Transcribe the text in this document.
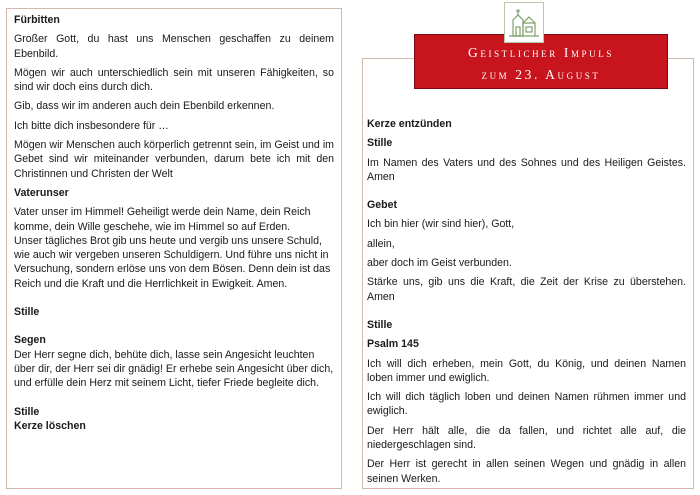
Fürbitten

Großer Gott, du hast uns Menschen geschaffen zu deinem Ebenbild.

Mögen wir auch unterschiedlich sein mit unseren Fähigkeiten, so sind wir doch eins durch dich.

Gib, dass wir im anderen auch dein Ebenbild erkennen.

Ich bitte dich insbesondere für …

Mögen wir Menschen auch körperlich getrennt sein, im Geist und im Gebet sind wir miteinander verbunden, darum bete ich mit den Christinnen und Christen der Welt

Vaterunser

Vater unser im Himmel! Geheiligt werde dein Name, dein Reich komme, dein Wille geschehe, wie im Himmel so auf Erden.

Unser tägliches Brot gib uns heute und vergib uns unsere Schuld, wie auch wir vergeben unseren Schuldigern. Und führe uns nicht in Versuchung, sondern erlöse uns von dem Bösen. Denn dein ist das Reich und die Kraft und die Herrlichkeit in Ewigkeit. Amen.

Stille

Segen

Der Herr segne dich, behüte dich, lasse sein Angesicht leuchten über dir, der Herr sei dir gnädig! Er erhebe sein Angesicht über dich, und erfülle dein Herz mit seinem Licht, tiefer Friede begleite dich.

Stille

Kerze löschen

Kerze entzünden

Stille

Im Namen des Vaters und des Sohnes und des Heiligen Geistes. Amen

Gebet

Ich bin hier (wir sind hier), Gott,

allein,

aber doch im Geist verbunden.

Stärke uns, gib uns die Kraft, die Zeit der Krise zu überstehen. Amen

Stille

Psalm 145

Ich will dich erheben, mein Gott, du König, und deinen Namen loben immer und ewiglich.

Ich will dich täglich loben und deinen Namen rühmen immer und ewiglich.

Der Herr hält alle, die da fallen, und richtet alle auf, die niedergeschlagen sind.

Der Herr ist gerecht in allen seinen Wegen und gnädig in allen seinen Werken.

Geistlicher Impuls
zum 23. August
